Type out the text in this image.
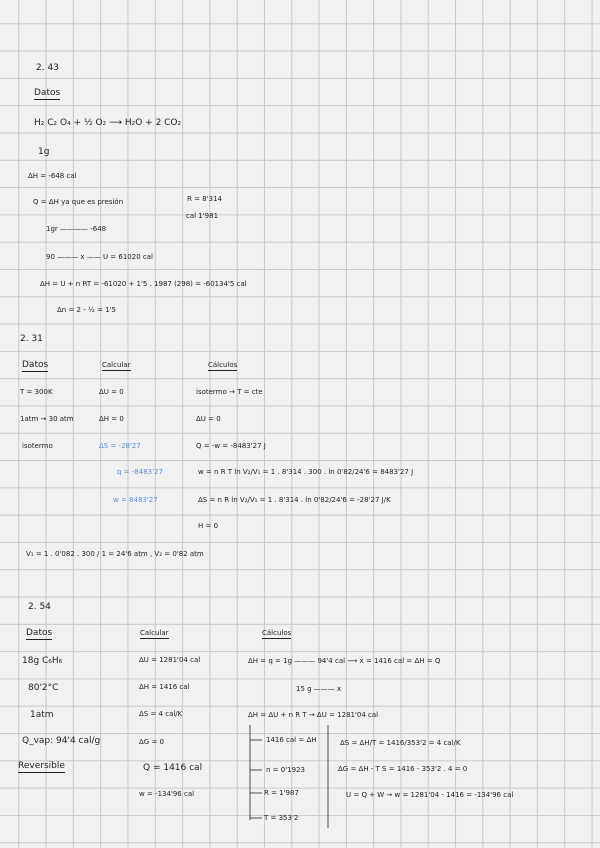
2. 43
Datos
H₂ C₂ O₄ + ½ O₂ ⟶ H₂O + 2 CO₂
1g
ΔH = -648 cal
Q = ΔH ya que es presión	R = 8'314
cal 1'981
1gr ———— -648
90 ——— x —— U = 61020 cal
ΔH = U + n RT = -61020 + 1'5 . 1987 (298) = -60134'5 cal
Δn = 2 - ½ = 1'5
2. 31
Datos	Calcular	Cálculos
T = 300K
1atm → 30 atm
isotermo
ΔU = 0
ΔH = 0
ΔS = -28'27
q = -8483'27
w = 8483'27
isotermo → T = cte
ΔU = 0
Q = -w = -8483'27 J
w = n R T ln V₂/V₁ = 1 . 8'314 . 300 . ln 0'82/24'6 = 8483'27 J
ΔS = n R ln V₂/V₁ = 1 . 8'314 . ln 0'82/24'6 = -28'27 J/K
H = 0
V₁ = 1 . 0'082 . 300 / 1 = 24'6 atm , V₂ = 0'82 atm
2. 54
Datos	Calcular	Cálculos
18g C₆H₆
80'2°C
1atm
Q_vap: 94'4 cal/g
Reversible
ΔU = 1281'04 cal
ΔH = 1416 cal
ΔS = 4 cal/K
ΔG = 0
Q = 1416 cal
w = -134'96 cal
ΔH = q = 1g ——— 94'4 cal ⟶ x = 1416 cal = ΔH = Q
15 g ——— x
ΔH = ΔU + n R T → ΔU = 1281'04 cal
1416 cal = ΔH
n = 0'1923
R = 1'987
T = 353'2
ΔS = ΔH/T = 1416/353'2 = 4 cal/K
ΔG = ΔH - T S = 1416 - 353'2 . 4 = 0
U = Q + W → w = 1281'04 - 1416 = -134'96 cal
